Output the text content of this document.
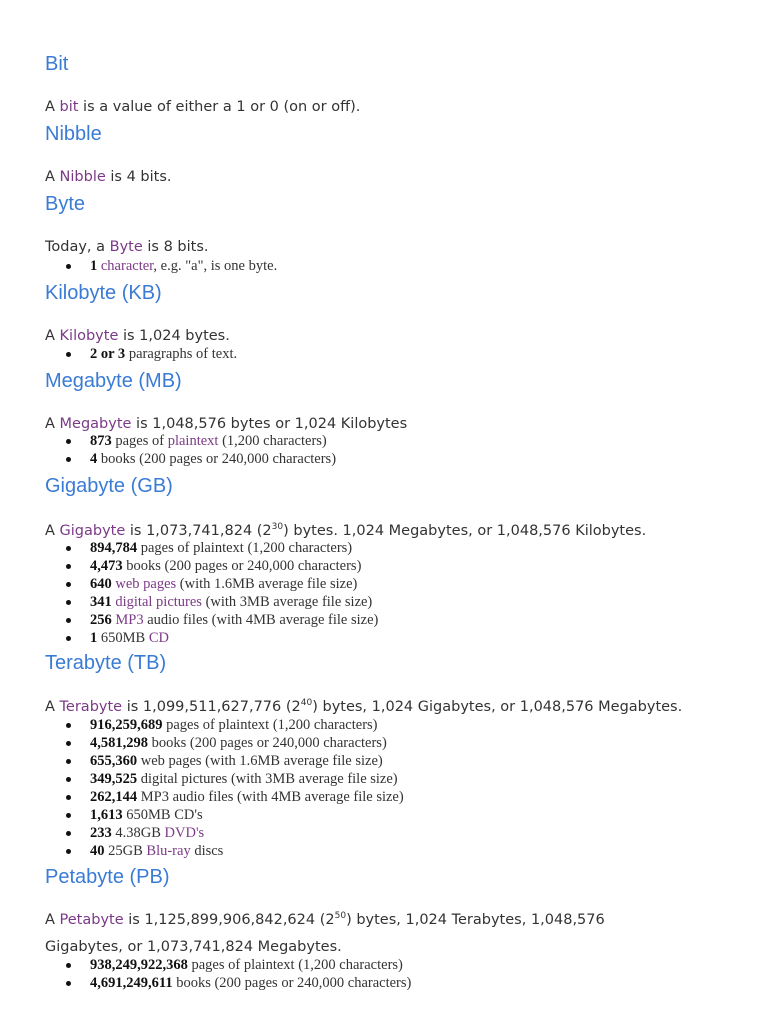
Bit

A bit is a value of either a 1 or 0 (on or off).

Nibble

A Nibble is 4 bits.

Byte

Today, a Byte is 8 bits.

1 character, e.g. "a", is one byte.
Kilobyte (KB)

A Kilobyte is 1,024 bytes.

2 or 3 paragraphs of text.
Megabyte (MB)

A Megabyte is 1,048,576 bytes or 1,024 Kilobytes

873 pages of plaintext (1,200 characters)
4 books (200 pages or 240,000 characters)
Gigabyte (GB)

A Gigabyte is 1,073,741,824 $(2^{30})$ bytes. 1,024 Megabytes, or 1,048,576 Kilobytes.

894,784 pages of plaintext (1,200 characters)
4,473 books (200 pages or 240,000 characters)
640 web pages (with 1.6MB average file size)
341 digital pictures (with 3MB average file size)
256 MP3 audio files (with 4MB average file size)
1 650MB CD
Terabyte (TB)

A Terabyte is 1,099,511,627,776 $(2^{40})$ bytes, 1,024 Gigabytes, or 1,048,576 Megabytes.

916,259,689 pages of plaintext (1,200 characters)
4,581,298 books (200 pages or 240,000 characters)
655,360 web pages (with 1.6MB average file size)
349,525 digital pictures (with 3MB average file size)
262,144 MP3 audio files (with 4MB average file size)
1,613 650MB CD's
233 4.38GB DVD's
40 25GB Blu-ray discs
Petabyte (PB)

A Petabyte is 1,125,899,906,842,624 $(2^{50})$ bytes, 1,024 Terabytes, 1,048,576

Gigabytes, or 1,073,741,824 Megabytes.

938,249,922,368 pages of plaintext (1,200 characters)
4,691,249,611 books (200 pages or 240,000 characters)
